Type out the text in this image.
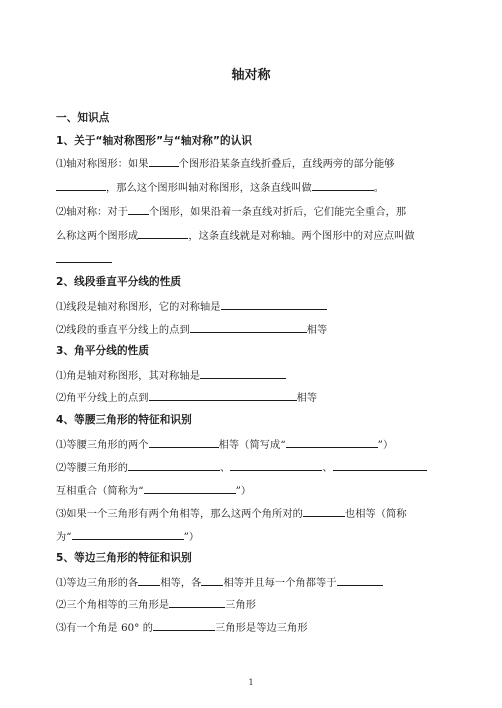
轴对称
一、知识点
1、关于“轴对称图形”与“轴对称”的认识
⑴轴对称图形：如果	个图形沿某条直线折叠后，直线两旁的部分能够
，那么这个图形叫轴对称图形，这条直线叫做	。
⑵轴对称：对于 个图形，如果沿着一条直线对折后，它们能完全重合，那
么称这两个图形成	，这条直线就是对称轴。两个图形中的对应点叫做
2、线段垂直平分线的性质
⑴线段是轴对称图形，它的对称轴是
⑵线段的垂直平分线上的点到	相等
3、角平分线的性质
⑴角是轴对称图形，其对称轴是
⑵角平分线上的点到	相等
4、等腰三角形的特征和识别
⑴等腰三角形的两个	相等（简写成“	”）
⑵等腰三角形的	、	、
互相重合（简称为“	”）
⑶如果一个三角形有两个角相等，那么这两个角所对的	也相等（简称
为“	”）
5、等边三角形的特征和识别
⑴等边三角形的各 相等，各 相等并且每一个角都等于
⑵三个角相等的三角形是	三角形
⑶有一个角是 60° 的	三角形是等边三角形
1
